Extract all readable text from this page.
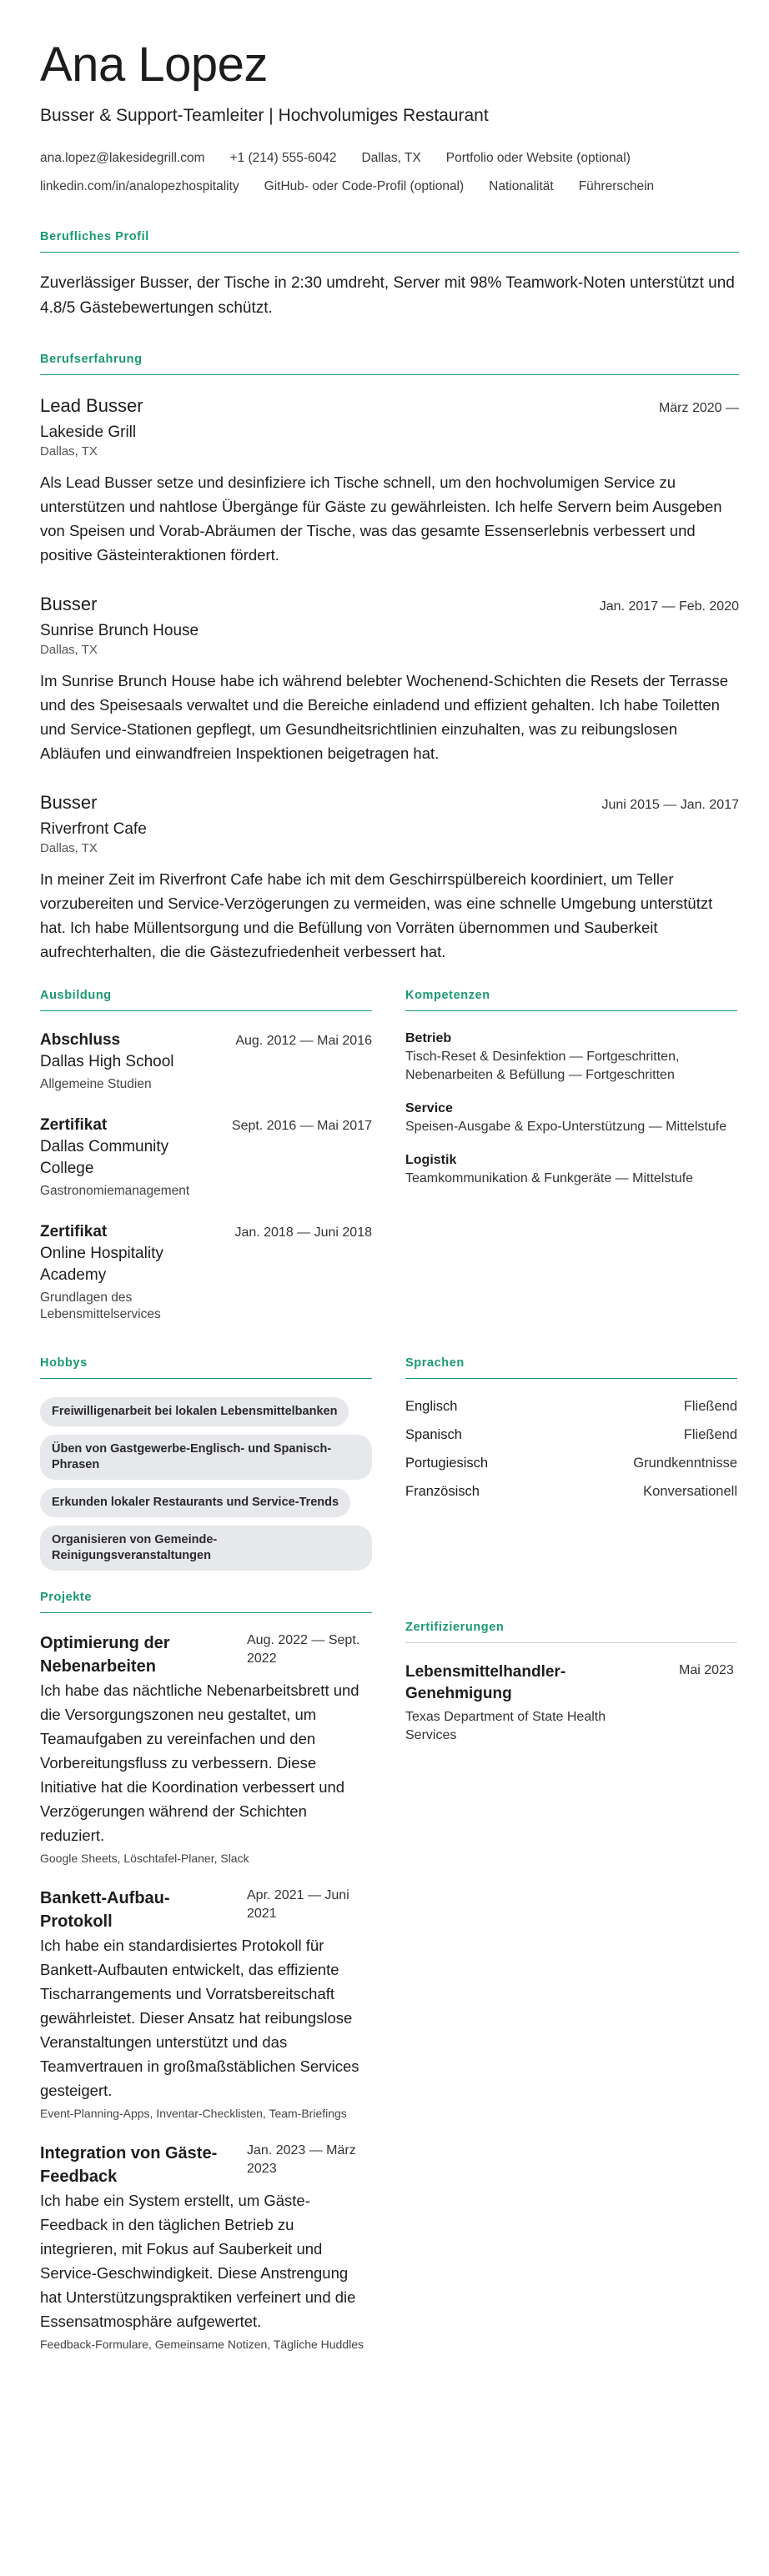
Ana Lopez
Busser & Support-Teamleiter | Hochvolumiges Restaurant
ana.lopez@lakesidegrill.com +1 (214) 555-6042 Dallas, TX Portfolio oder Website (optional)
linkedin.com/in/analopezhospitality GitHub- oder Code-Profil (optional) Nationalität Führerschein
Berufliches Profil

Zuverlässiger Busser, der Tische in 2:30 umdreht, Server mit 98% Teamwork-Noten unterstützt und 4.8/5 Gästebewertungen schützt.

Berufserfahrung
Lead Busser	März 2020 —
Lakeside Grill
Dallas, TX

Als Lead Busser setze und desinfiziere ich Tische schnell, um den hochvolumigen Service zu unterstützen und nahtlose Übergänge für Gäste zu gewährleisten. Ich helfe Servern beim Ausgeben von Speisen und Vorab-Abräumen der Tische, was das gesamte Essenserlebnis verbessert und positive Gästeinteraktionen fördert.

Busser	Jan. 2017 — Feb. 2020
Sunrise Brunch House
Dallas, TX

Im Sunrise Brunch House habe ich während belebter Wochenend-Schichten die Resets der Terrasse und des Speisesaals verwaltet und die Bereiche einladend und effizient gehalten. Ich habe Toiletten und Service-Stationen gepflegt, um Gesundheitsrichtlinien einzuhalten, was zu reibungslosen Abläufen und einwandfreien Inspektionen beigetragen hat.

Busser	Juni 2015 — Jan. 2017
Riverfront Cafe
Dallas, TX

In meiner Zeit im Riverfront Cafe habe ich mit dem Geschirrspülbereich koordiniert, um Teller vorzubereiten und Service-Verzögerungen zu vermeiden, was eine schnelle Umgebung unterstützt hat. Ich habe Müllentsorgung und die Befüllung von Vorräten übernommen und Sauberkeit aufrechterhalten, die die Gästezufriedenheit verbessert hat.

Ausbildung
Abschluss	Aug. 2012 — Mai 2016
Dallas High School
Allgemeine Studien
Zertifikat	Sept. 2016 — Mai 2017
Dallas Community College
Gastronomiemanagement
Zertifikat	Jan. 2018 — Juni 2018
Online Hospitality Academy
Grundlagen des Lebensmittelservices
Kompetenzen
Betrieb
Tisch-Reset & Desinfektion — Fortgeschritten, Nebenarbeiten & Befüllung — Fortgeschritten
Service
Speisen-Ausgabe & Expo-Unterstützung — Mittelstufe
Logistik
Teamkommunikation & Funkgeräte — Mittelstufe
Hobbys
Freiwilligenarbeit bei lokalen Lebensmittelbanken
Üben von Gastgewerbe-Englisch- und Spanisch-Phrasen
Erkunden lokaler Restaurants und Service-Trends
Organisieren von Gemeinde-Reinigungsveranstaltungen
Sprachen
Englisch	Fließend
Spanisch	Fließend
Portugiesisch	Grundkenntnisse
Französisch	Konversationell
Projekte
Optimierung der Nebenarbeiten
Aug. 2022 — Sept. 2022

Ich habe das nächtliche Nebenarbeitsbrett und die Versorgungszonen neu gestaltet, um Teamaufgaben zu vereinfachen und den Vorbereitungsfluss zu verbessern. Diese Initiative hat die Koordination verbessert und Verzögerungen während der Schichten reduziert.

Google Sheets, Löschtafel-Planer, Slack
Bankett-Aufbau-Protokoll
Apr. 2021 — Juni 2021

Ich habe ein standardisiertes Protokoll für Bankett-Aufbauten entwickelt, das effiziente Tischarrangements und Vorratsbereitschaft gewährleistet. Dieser Ansatz hat reibungslose Veranstaltungen unterstützt und das Teamvertrauen in großmaßstäblichen Services gesteigert.

Event-Planning-Apps, Inventar-Checklisten, Team-Briefings
Integration von Gäste-Feedback
Jan. 2023 — März 2023

Ich habe ein System erstellt, um Gäste-Feedback in den täglichen Betrieb zu integrieren, mit Fokus auf Sauberkeit und Service-Geschwindigkeit. Diese Anstrengung hat Unterstützungspraktiken verfeinert und die Essensatmosphäre aufgewertet.

Feedback-Formulare, Gemeinsame Notizen, Tägliche Huddles
Zertifizierungen
Lebensmittelhandler-Genehmigung
Texas Department of State Health Services
Mai 2023
